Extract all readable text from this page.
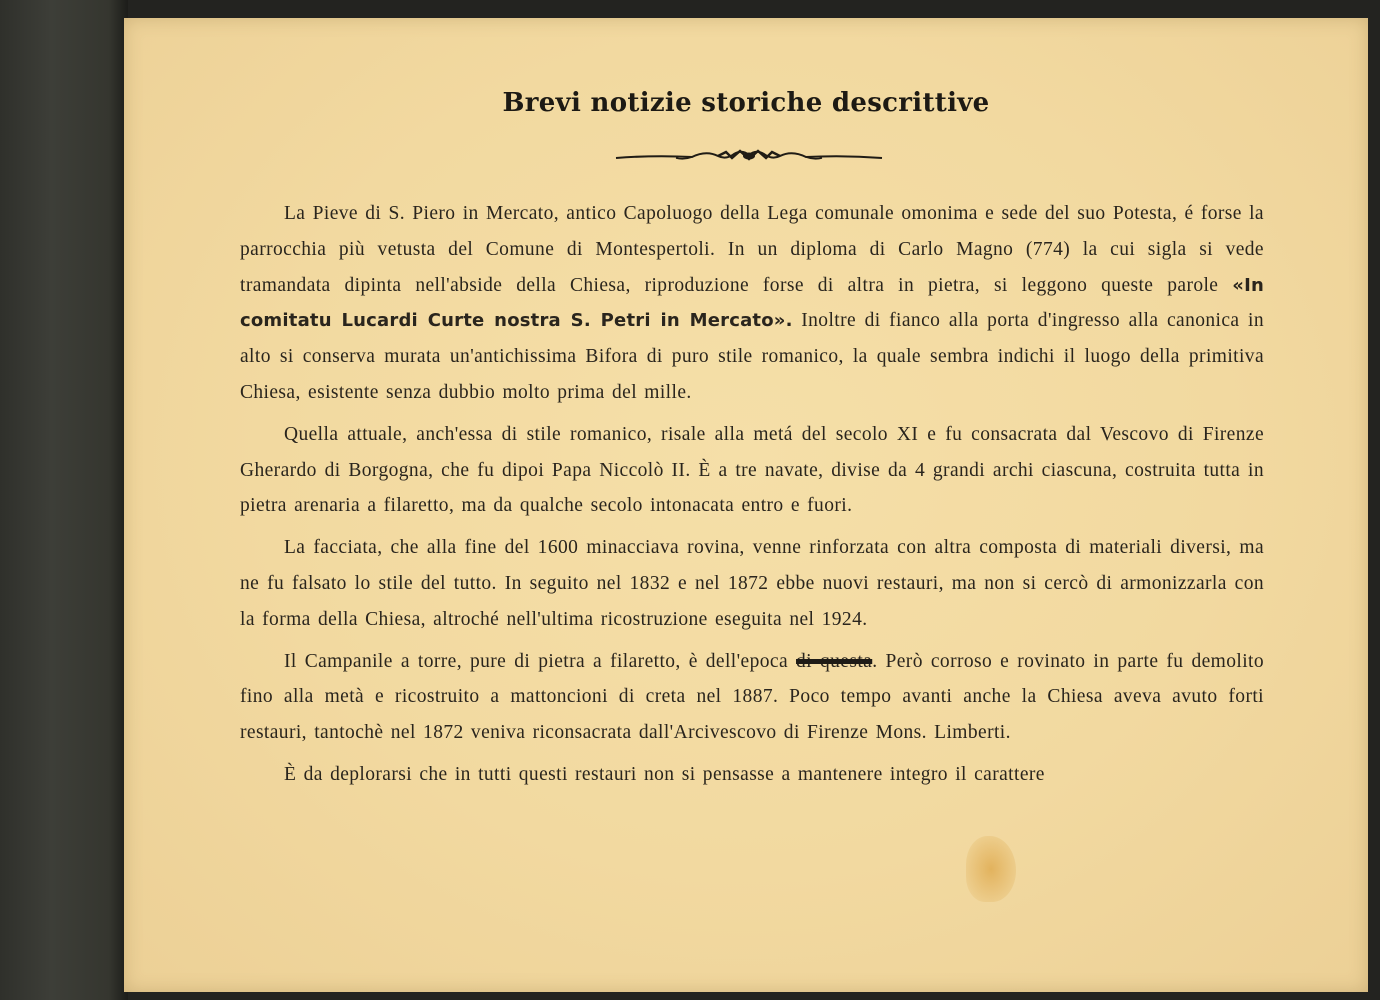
Brevi notizie storiche descrittive

La Pieve di S. Piero in Mercato, antico Capoluogo della Lega comunale omonima e sede del suo Potesta, é forse la parrocchia più vetusta del Comune di Montespertoli. In un diploma di Carlo Magno (774) la cui sigla si vede tramandata dipinta nell'abside della Chiesa, riproduzione forse di altra in pietra, si leggono queste parole «In comitatu Lucardi Curte nostra S. Petri in Mercato». Inoltre di fianco alla porta d'ingresso alla canonica in alto si conserva murata un'antichissima Bifora di puro stile romanico, la quale sembra indichi il luogo della primitiva Chiesa, esistente senza dubbio molto prima del mille.

Quella attuale, anch'essa di stile romanico, risale alla metá del secolo XI e fu consacrata dal Vescovo di Firenze Gherardo di Borgogna, che fu dipoi Papa Niccolò II. È a tre navate, divise da 4 grandi archi ciascuna, costruita tutta in pietra arenaria a filaretto, ma da qualche secolo intonacata entro e fuori.

La facciata, che alla fine del 1600 minacciava rovina, venne rinforzata con altra composta di materiali diversi, ma ne fu falsato lo stile del tutto. In seguito nel 1832 e nel 1872 ebbe nuovi restauri, ma non si cercò di armonizzarla con la forma della Chiesa, altroché nell'ultima ricostruzione eseguita nel 1924.

Il Campanile a torre, pure di pietra a filaretto, è dell'epoca di questa. Però corroso e rovinato in parte fu demolito fino alla metà e ricostruito a mattoncioni di creta nel 1887. Poco tempo avanti anche la Chiesa aveva avuto forti restauri, tantochè nel 1872 veniva riconsacrata dall'Arcivescovo di Firenze Mons. Limberti.

È da deplorarsi che in tutti questi restauri non si pensasse a mantenere integro il carattere
